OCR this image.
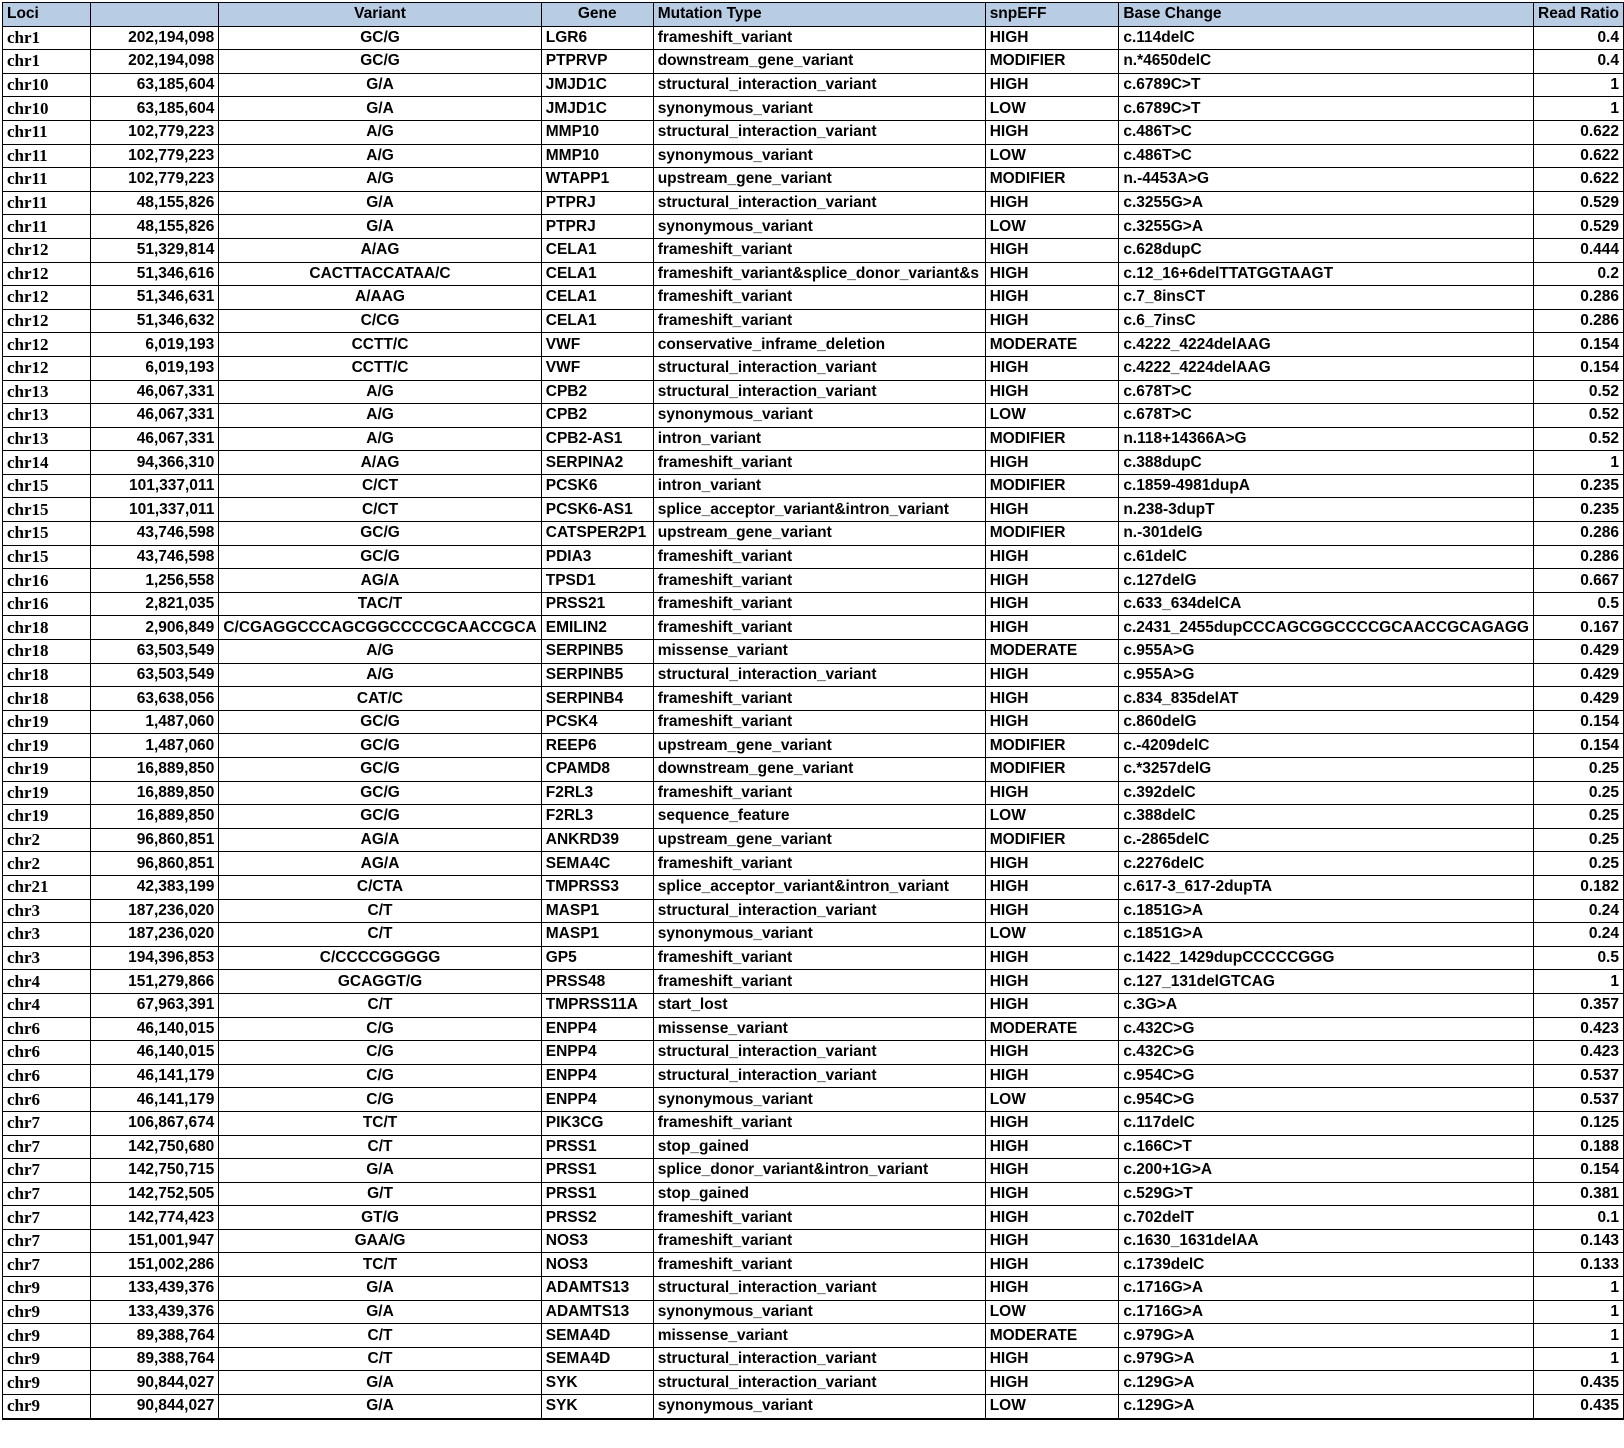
Loci		Variant	Gene	Mutation Type	snpEFF	Base Change	Read Ratio
chr1	202,194,098	GC/G	LGR6	frameshift_variant	HIGH	c.114delC	0.4
chr1	202,194,098	GC/G	PTPRVP	downstream_gene_variant	MODIFIER	n.*4650delC	0.4
chr10	63,185,604	G/A	JMJD1C	structural_interaction_variant	HIGH	c.6789C>T	1
chr10	63,185,604	G/A	JMJD1C	synonymous_variant	LOW	c.6789C>T	1
chr11	102,779,223	A/G	MMP10	structural_interaction_variant	HIGH	c.486T>C	0.622
chr11	102,779,223	A/G	MMP10	synonymous_variant	LOW	c.486T>C	0.622
chr11	102,779,223	A/G	WTAPP1	upstream_gene_variant	MODIFIER	n.-4453A>G	0.622
chr11	48,155,826	G/A	PTPRJ	structural_interaction_variant	HIGH	c.3255G>A	0.529
chr11	48,155,826	G/A	PTPRJ	synonymous_variant	LOW	c.3255G>A	0.529
chr12	51,329,814	A/AG	CELA1	frameshift_variant	HIGH	c.628dupC	0.444
chr12	51,346,616	CACTTACCATAA/C	CELA1	frameshift_variant&splice_donor_variant&s	HIGH	c.12_16+6delTTATGGTAAGT	0.2
chr12	51,346,631	A/AAG	CELA1	frameshift_variant	HIGH	c.7_8insCT	0.286
chr12	51,346,632	C/CG	CELA1	frameshift_variant	HIGH	c.6_7insC	0.286
chr12	6,019,193	CCTT/C	VWF	conservative_inframe_deletion	MODERATE	c.4222_4224delAAG	0.154
chr12	6,019,193	CCTT/C	VWF	structural_interaction_variant	HIGH	c.4222_4224delAAG	0.154
chr13	46,067,331	A/G	CPB2	structural_interaction_variant	HIGH	c.678T>C	0.52
chr13	46,067,331	A/G	CPB2	synonymous_variant	LOW	c.678T>C	0.52
chr13	46,067,331	A/G	CPB2-AS1	intron_variant	MODIFIER	n.118+14366A>G	0.52
chr14	94,366,310	A/AG	SERPINA2	frameshift_variant	HIGH	c.388dupC	1
chr15	101,337,011	C/CT	PCSK6	intron_variant	MODIFIER	c.1859-4981dupA	0.235
chr15	101,337,011	C/CT	PCSK6-AS1	splice_acceptor_variant&intron_variant	HIGH	n.238-3dupT	0.235
chr15	43,746,598	GC/G	CATSPER2P1	upstream_gene_variant	MODIFIER	n.-301delG	0.286
chr15	43,746,598	GC/G	PDIA3	frameshift_variant	HIGH	c.61delC	0.286
chr16	1,256,558	AG/A	TPSD1	frameshift_variant	HIGH	c.127delG	0.667
chr16	2,821,035	TAC/T	PRSS21	frameshift_variant	HIGH	c.633_634delCA	0.5
chr18	2,906,849	C/CGAGGCCCAGCGGCCCCGCAACCGCA	EMILIN2	frameshift_variant	HIGH	c.2431_2455dupCCCAGCGGCCCCGCAACCGCAGAGG	0.167
chr18	63,503,549	A/G	SERPINB5	missense_variant	MODERATE	c.955A>G	0.429
chr18	63,503,549	A/G	SERPINB5	structural_interaction_variant	HIGH	c.955A>G	0.429
chr18	63,638,056	CAT/C	SERPINB4	frameshift_variant	HIGH	c.834_835delAT	0.429
chr19	1,487,060	GC/G	PCSK4	frameshift_variant	HIGH	c.860delG	0.154
chr19	1,487,060	GC/G	REEP6	upstream_gene_variant	MODIFIER	c.-4209delC	0.154
chr19	16,889,850	GC/G	CPAMD8	downstream_gene_variant	MODIFIER	c.*3257delG	0.25
chr19	16,889,850	GC/G	F2RL3	frameshift_variant	HIGH	c.392delC	0.25
chr19	16,889,850	GC/G	F2RL3	sequence_feature	LOW	c.388delC	0.25
chr2	96,860,851	AG/A	ANKRD39	upstream_gene_variant	MODIFIER	c.-2865delC	0.25
chr2	96,860,851	AG/A	SEMA4C	frameshift_variant	HIGH	c.2276delC	0.25
chr21	42,383,199	C/CTA	TMPRSS3	splice_acceptor_variant&intron_variant	HIGH	c.617-3_617-2dupTA	0.182
chr3	187,236,020	C/T	MASP1	structural_interaction_variant	HIGH	c.1851G>A	0.24
chr3	187,236,020	C/T	MASP1	synonymous_variant	LOW	c.1851G>A	0.24
chr3	194,396,853	C/CCCCGGGGG	GP5	frameshift_variant	HIGH	c.1422_1429dupCCCCCGGG	0.5
chr4	151,279,866	GCAGGT/G	PRSS48	frameshift_variant	HIGH	c.127_131delGTCAG	1
chr4	67,963,391	C/T	TMPRSS11A	start_lost	HIGH	c.3G>A	0.357
chr6	46,140,015	C/G	ENPP4	missense_variant	MODERATE	c.432C>G	0.423
chr6	46,140,015	C/G	ENPP4	structural_interaction_variant	HIGH	c.432C>G	0.423
chr6	46,141,179	C/G	ENPP4	structural_interaction_variant	HIGH	c.954C>G	0.537
chr6	46,141,179	C/G	ENPP4	synonymous_variant	LOW	c.954C>G	0.537
chr7	106,867,674	TC/T	PIK3CG	frameshift_variant	HIGH	c.117delC	0.125
chr7	142,750,680	C/T	PRSS1	stop_gained	HIGH	c.166C>T	0.188
chr7	142,750,715	G/A	PRSS1	splice_donor_variant&intron_variant	HIGH	c.200+1G>A	0.154
chr7	142,752,505	G/T	PRSS1	stop_gained	HIGH	c.529G>T	0.381
chr7	142,774,423	GT/G	PRSS2	frameshift_variant	HIGH	c.702delT	0.1
chr7	151,001,947	GAA/G	NOS3	frameshift_variant	HIGH	c.1630_1631delAA	0.143
chr7	151,002,286	TC/T	NOS3	frameshift_variant	HIGH	c.1739delC	0.133
chr9	133,439,376	G/A	ADAMTS13	structural_interaction_variant	HIGH	c.1716G>A	1
chr9	133,439,376	G/A	ADAMTS13	synonymous_variant	LOW	c.1716G>A	1
chr9	89,388,764	C/T	SEMA4D	missense_variant	MODERATE	c.979G>A	1
chr9	89,388,764	C/T	SEMA4D	structural_interaction_variant	HIGH	c.979G>A	1
chr9	90,844,027	G/A	SYK	structural_interaction_variant	HIGH	c.129G>A	0.435
chr9	90,844,027	G/A	SYK	synonymous_variant	LOW	c.129G>A	0.435
